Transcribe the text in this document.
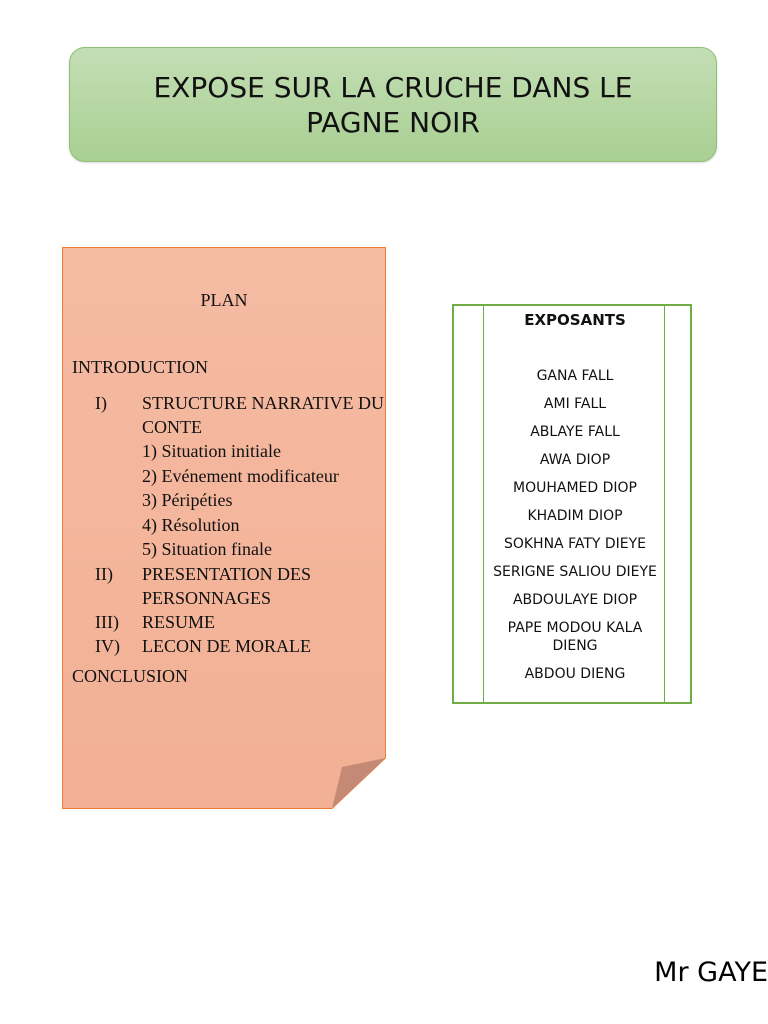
EXPOSE SUR LA CRUCHE DANS LE
PAGNE NOIR
PLAN
INTRODUCTION
I)	STRUCTURE NARRATIVE DU CONTE
1) Situation initiale
2) Evénement modificateur
3) Péripéties
4) Résolution
5) Situation finale
II)	PRESENTATION DES PERSONNAGES
III)	RESUME
IV)	LECON DE MORALE
CONCLUSION
EXPOSANTS
GANA FALL
AMI FALL
ABLAYE FALL
AWA DIOP
MOUHAMED DIOP
KHADIM DIOP
SOKHNA FATY DIEYE
SERIGNE SALIOU DIEYE
ABDOULAYE DIOP
PAPE MODOU KALA DIENG
ABDOU DIENG
Mr GAYE
